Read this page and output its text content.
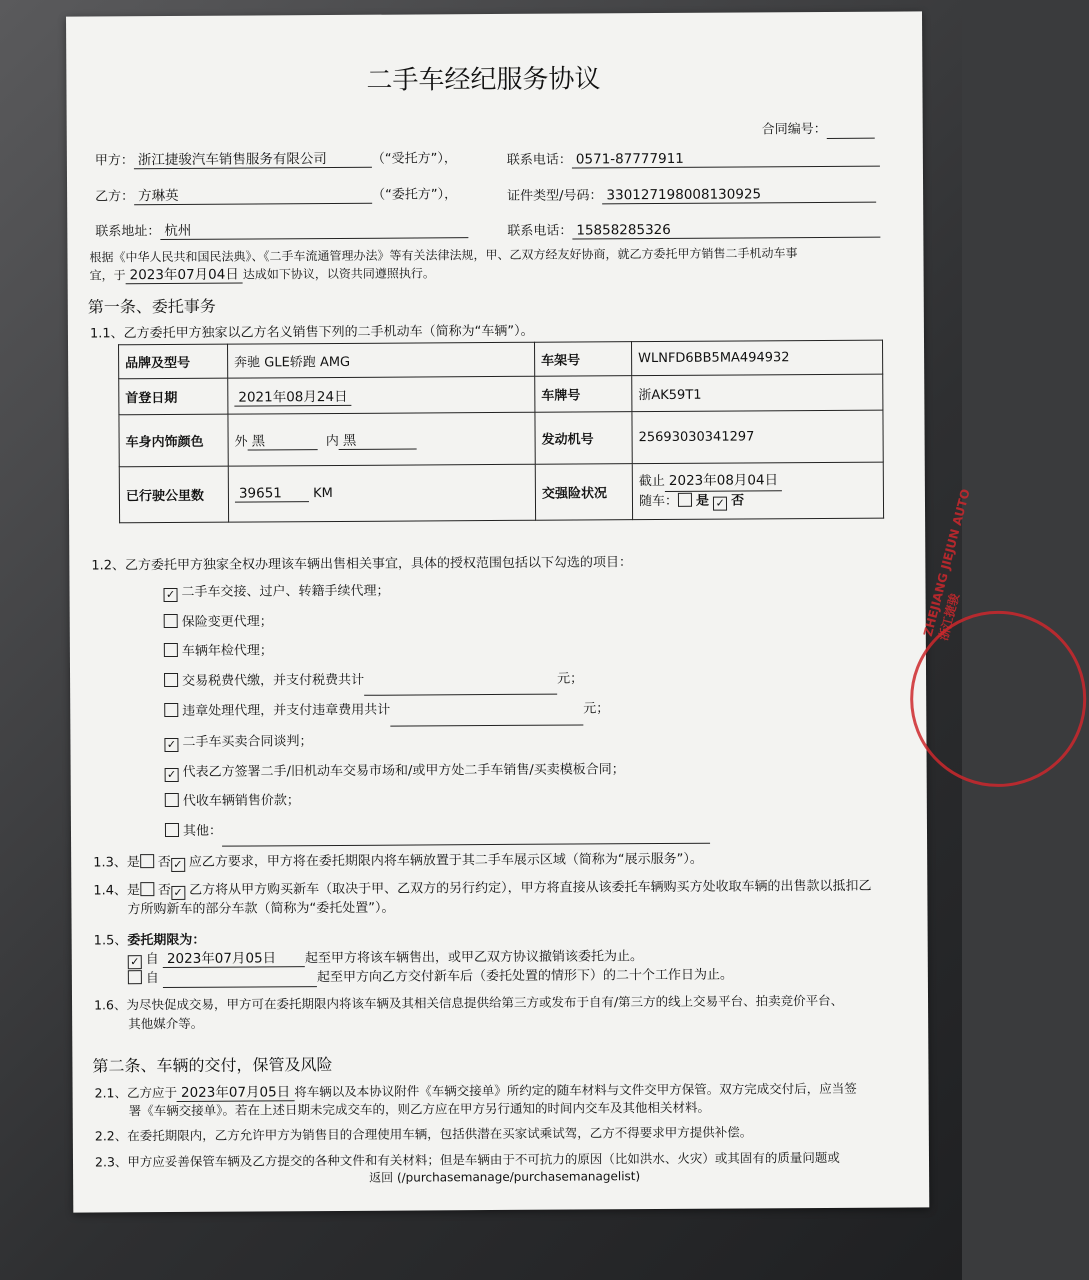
二手车经纪服务协议
合同编号：
甲方： 浙江捷骏汽车销售服务有限公司	（“受托方”），	联系电话： 0571-87777911
乙方： 方琳英	（“委托方”），	证件类型/号码： 330127198008130925
联系地址： 杭州	联系电话： 15858285326
根据《中华人民共和国民法典》、《二手车流通管理办法》等有关法律法规，甲、乙双方经友好协商，就乙方委托甲方销售二手机动车事
宜，于 2023年07月04日 达成如下协议，以资共同遵照执行。
第一条、委托事务
1.1、乙方委托甲方独家以乙方名义销售下列的二手机动车（简称为“车辆”）。
品牌及型号	奔驰 GLE轿跑 AMG	车架号	WLNFD6BB5MA494932
首登日期	2021年08月24日	车牌号	浙AK59T1
车身内饰颜色	外 黑 内 黑	发动机号	25693030341297
已行驶公里数	39651 KM	交强险状况	截止 2023年08月04日
随车： 是 ✓ 否
1.2、乙方委托甲方独家全权办理该车辆出售相关事宜，具体的授权范围包括以下勾选的项目：
✓ 二手车交接、过户、转籍手续代理；
保险变更代理；
车辆年检代理；
交易税费代缴，并支付税费共计	元；
违章处理代理，并支付违章费用共计	元；
✓ 二手车买卖合同谈判；
✓ 代表乙方签署二手/旧机动车交易市场和/或甲方处二手车销售/买卖模板合同；
代收车辆销售价款；
其他：
1.3、是 否 ✓ 应乙方要求，甲方将在委托期限内将车辆放置于其二手车展示区域（简称为“展示服务”）。
1.4、是 否 ✓ 乙方将从甲方购买新车（取决于甲、乙双方的另行约定），甲方将直接从该委托车辆购买方处收取车辆的出售款以抵扣乙
方所购新车的部分车款（简称为“委托处置”）。
1.5、委托期限为：
✓ 自 2023年07月05日 起至甲方将该车辆售出，或甲乙双方协议撤销该委托为止。
自	起至甲方向乙方交付新车后（委托处置的情形下）的二十个工作日为止。
1.6、为尽快促成交易，甲方可在委托期限内将该车辆及其相关信息提供给第三方或发布于自有/第三方的线上交易平台、拍卖竞价平台、
其他媒介等。
第二条、车辆的交付，保管及风险
2.1、乙方应于 2023年07月05日 将车辆以及本协议附件《车辆交接单》所约定的随车材料与文件交甲方保管。双方完成交付后，应当签
署《车辆交接单》。若在上述日期未完成交车的，则乙方应在甲方另行通知的时间内交车及其他相关材料。
2.2、在委托期限内，乙方允许甲方为销售目的合理使用车辆，包括供潜在买家试乘试驾，乙方不得要求甲方提供补偿。
2.3、甲方应妥善保管车辆及乙方提交的各种文件和有关材料；但是车辆由于不可抗力的原因（比如洪水、火灾）或其固有的质量问题或
返回 (/purchasemanage/purchasemanagelist)
ZHEJIANG JIEJUN AUTO 浙江捷骏
